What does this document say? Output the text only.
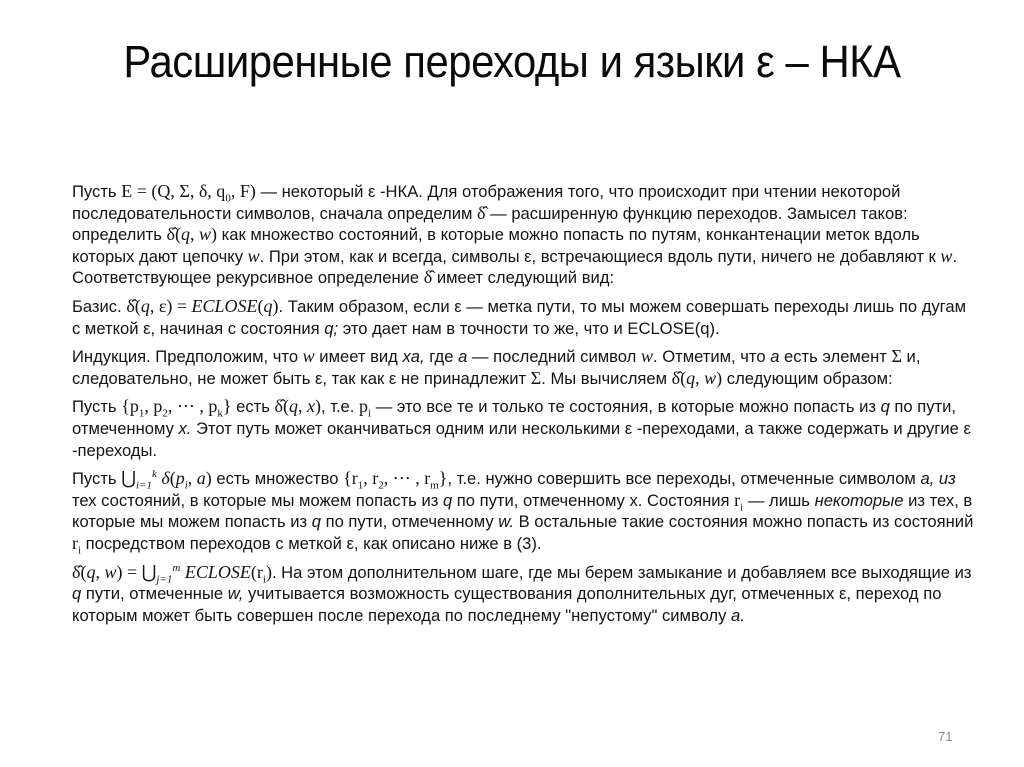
Расширенные переходы и языки ε – НКА

Пусть E = (Q, Σ, δ, $q_0$, F) — некоторый ε -НКА. Для отображения того, что происходит при чтении некоторой последовательности символов, сначала определим δ̂ — расширенную функцию переходов. Замысел таков: определить δ̂(q, w) как множество состояний, в которые можно попасть по путям, конкантенации меток вдоль которых дают цепочку w. При этом, как и всегда, символы ε, встречающиеся вдоль пути, ничего не добавляют к w. Соответствующее рекурсивное определение δ̂ имеет следующий вид:

Базис. δ̂(q, ε) = ECLOSE(q). Таким образом, если ε — метка пути, то мы можем совершать переходы лишь по дугам с меткой ε, начиная с состояния q; это дает нам в точности то же, что и ECLOSE(q).

Индукция. Предположим, что w имеет вид xa, где a — последний символ w. Отметим, что a есть элемент Σ и, следовательно, не может быть ε, так как ε не принадлежит Σ. Мы вычисляем δ̂(q, w) следующим образом:

Пусть {$p_1$, $p_2$, ⋯ , $p_k$} есть δ̂(q, x), т.е. $p_i$ — это все те и только те состояния, в которые можно попасть из q по пути, отмеченному x. Этот путь может оканчиваться одним или несколькими ε -переходами, а также содержать и другие ε -переходы.

Пусть $⋃_{i=1}^k$ $\delta(p_i$, a) есть множество {$r_1$, $r_2$, ⋯ , $r_m$}, т.е. нужно совершить все переходы, отмеченные символом a, из тех состояний, в которые мы можем попасть из q по пути, отмеченному х. Состояния $r_i$ — лишь некоторые из тех, в которые мы можем попасть из q по пути, отмеченному w. В остальные такие состояния можно попасть из состояний $r_i$ посредством переходов с меткой ε, как описано ниже в (3).

δ̂(q, $w) = ⋃_{j=1}^m$ $ECLOSE(r_i)$. На этом дополнительном шаге, где мы берем замыкание и добавляем все выходящие из q пути, отмеченные w, учитывается возможность существования дополнительных дуг, отмеченных ε, переход по которым может быть совершен после перехода по последнему "непустому" символу a.

71
